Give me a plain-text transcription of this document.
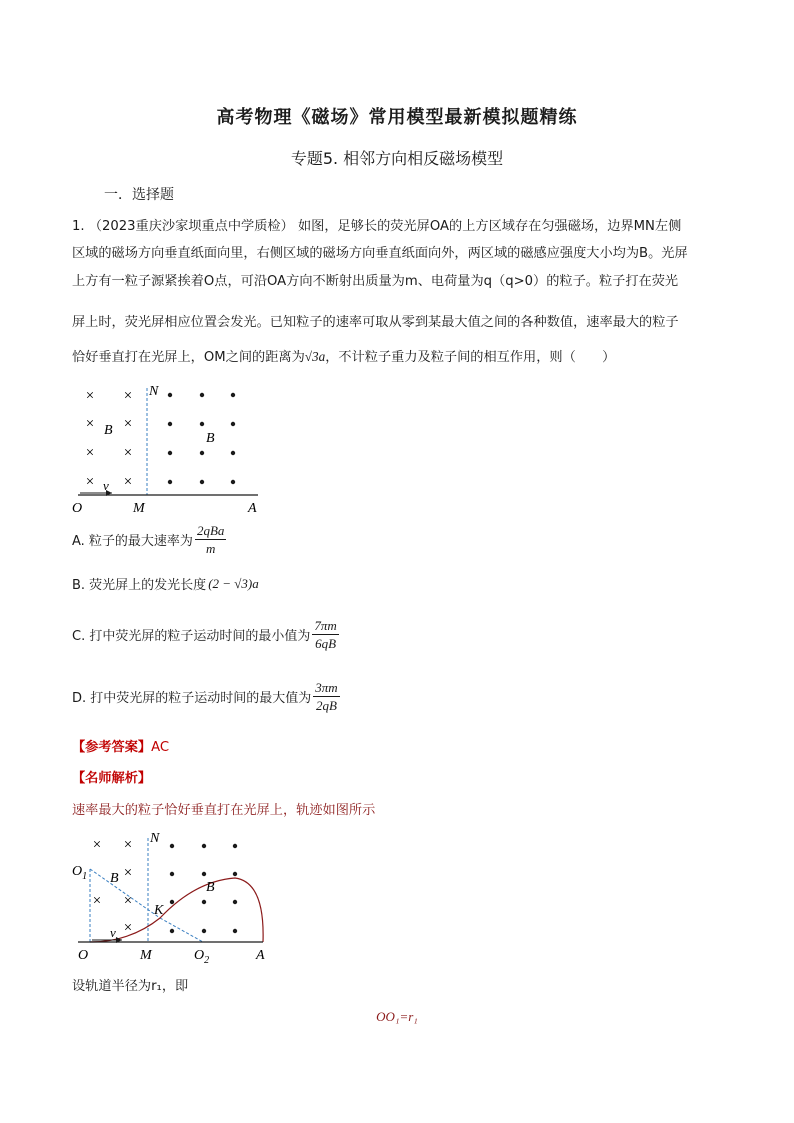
高考物理《磁场》常用模型最新模拟题精练
专题5. 相邻方向相反磁场模型
一．选择题
1. （2023重庆沙家坝重点中学质检） 如图，足够长的荧光屏OA的上方区域存在匀强磁场，边界MN左侧
区域的磁场方向垂直纸面向里，右侧区域的磁场方向垂直纸面向外，两区域的磁感应强度大小均为B。光屏
上方有一粒子源紧挨着O点，可沿OA方向不断射出质量为m、电荷量为q（q>0）的粒子。粒子打在荧光
屏上时，荧光屏相应位置会发光。已知粒子的速率可取从零到某最大值之间的各种数值，速率最大的粒子
恰好垂直打在光屏上，OM之间的距离为√3a，不计粒子重力及粒子间的相互作用，则（　　）
× ×
× ×
× ×
× ×
N
B
B
v
O	M	A
A. 粒子的最大速率为 $\frac{\text{2qBa}}{m}$
B. 荧光屏上的发光长度 (2 − √3)a
C. 打中荧光屏的粒子运动时间的最小值为 $\frac{7\pi m}{6qB}$
D. 打中荧光屏的粒子运动时间的最大值为 $\frac{3\pi m}{2qB}$
【参考答案】AC
【名师解析】
速率最大的粒子恰好垂直打在光屏上，轨迹如图所示
× ×
×
× ×
×
N
$O_1$ B
B
K
v
O	M	$O_2$	A
设轨道半径为r₁，即
OO₁=r₁
